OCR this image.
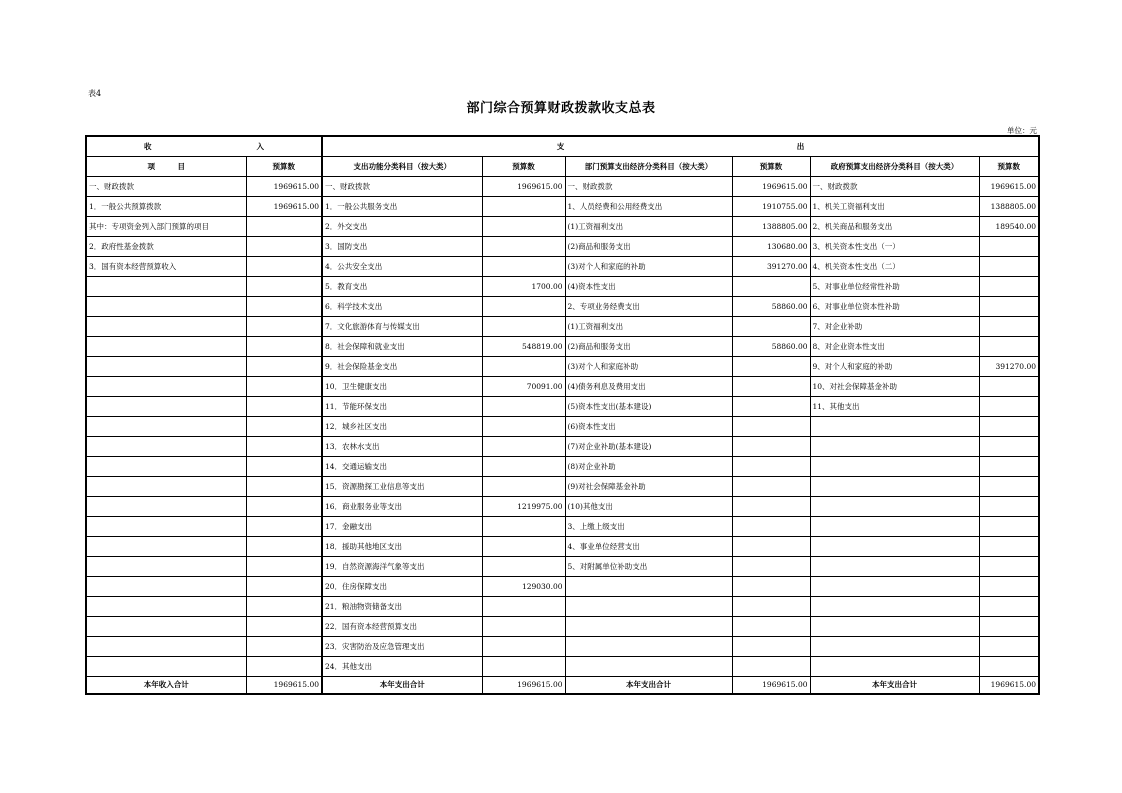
表4
部门综合预算财政拨款收支总表
单位：元
收　　　　　　　　　　　　　　入		支　　　　　　　　　　　　　　　　　　　　　　　　　　　　　　　出					
项　　　目	预算数	支出功能分类科目（按大类）	预算数	部门预算支出经济分类科目（按大类）	预算数	政府预算支出经济分类科目（按大类）	预算数
一、财政拨款	1969615.00	一、财政拨款	1969615.00	一、财政拨款	1969615.00	一、财政拨款	1969615.00
1．一般公共预算拨款	1969615.00	1．一般公共服务支出		1、人员经费和公用经费支出	1910755.00	1、机关工资福利支出	1388805.00
其中：专项资金列入部门预算的项目		2．外交支出		(1)工资福利支出	1388805.00	2、机关商品和服务支出	189540.00
2．政府性基金拨款		3．国防支出		(2)商品和服务支出	130680.00	3、机关资本性支出（一）	
3．国有资本经营预算收入		4．公共安全支出		(3)对个人和家庭的补助	391270.00	4、机关资本性支出（二）	
		5．教育支出	1700.00	(4)资本性支出		5、对事业单位经常性补助	
		6．科学技术支出		2、专项业务经费支出	58860.00	6、对事业单位资本性补助	
		7．文化旅游体育与传媒支出		(1)工资福利支出		7、对企业补助	
		8．社会保障和就业支出	548819.00	(2)商品和服务支出	58860.00	8、对企业资本性支出	
		9．社会保险基金支出		(3)对个人和家庭补助		9、对个人和家庭的补助	391270.00
		10．卫生健康支出	70091.00	(4)债务利息及费用支出		10、对社会保障基金补助	
		11．节能环保支出		(5)资本性支出(基本建设)		11、其他支出	
		12．城乡社区支出		(6)资本性支出			
		13．农林水支出		(7)对企业补助(基本建设)			
		14．交通运输支出		(8)对企业补助			
		15．资源勘探工业信息等支出		(9)对社会保障基金补助			
		16．商业服务业等支出	1219975.00	(10)其他支出			
		17．金融支出		3、上缴上级支出			
		18．援助其他地区支出		4、事业单位经营支出			
		19．自然资源海洋气象等支出		5、对附属单位补助支出			
		20．住房保障支出	129030.00				
		21．粮油物资储备支出					
		22．国有资本经营预算支出					
		23．灾害防治及应急管理支出					
		24．其他支出					
本年收入合计	1969615.00	本年支出合计	1969615.00	本年支出合计	1969615.00	本年支出合计	1969615.00
